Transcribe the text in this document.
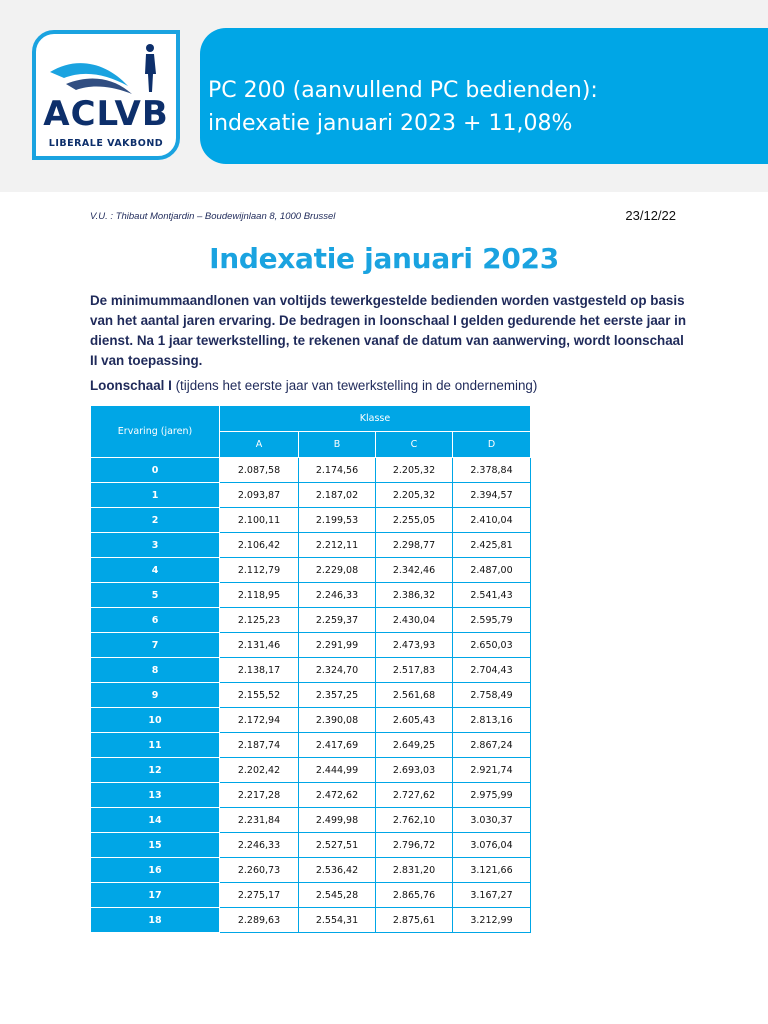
ACLVB
LIBERALE VAKBOND
PC 200 (aanvullend PC bedienden):
indexatie januari 2023 + 11,08%
V.U. : Thibaut Montjardin – Boudewijnlaan 8, 1000 Brussel	23/12/22
Indexatie januari 2023
De minimummaandlonen van voltijds tewerkgestelde bedienden worden vastgesteld op basis van het aantal jaren ervaring. De bedragen in loonschaal I gelden gedurende het eerste jaar in dienst. Na 1 jaar tewerkstelling, te rekenen vanaf de datum van aanwerving, wordt loonschaal II van toepassing.
Loonschaal I (tijdens het eerste jaar van tewerkstelling in de onderneming)
Ervaring (jaren)	Klasse			
	A	B	C	D
0	2.087,58	2.174,56	2.205,32	2.378,84
1	2.093,87	2.187,02	2.205,32	2.394,57
2	2.100,11	2.199,53	2.255,05	2.410,04
3	2.106,42	2.212,11	2.298,77	2.425,81
4	2.112,79	2.229,08	2.342,46	2.487,00
5	2.118,95	2.246,33	2.386,32	2.541,43
6	2.125,23	2.259,37	2.430,04	2.595,79
7	2.131,46	2.291,99	2.473,93	2.650,03
8	2.138,17	2.324,70	2.517,83	2.704,43
9	2.155,52	2.357,25	2.561,68	2.758,49
10	2.172,94	2.390,08	2.605,43	2.813,16
11	2.187,74	2.417,69	2.649,25	2.867,24
12	2.202,42	2.444,99	2.693,03	2.921,74
13	2.217,28	2.472,62	2.727,62	2.975,99
14	2.231,84	2.499,98	2.762,10	3.030,37
15	2.246,33	2.527,51	2.796,72	3.076,04
16	2.260,73	2.536,42	2.831,20	3.121,66
17	2.275,17	2.545,28	2.865,76	3.167,27
18	2.289,63	2.554,31	2.875,61	3.212,99
